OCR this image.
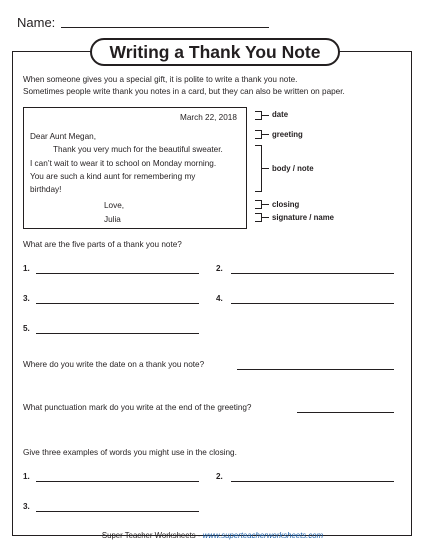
Name:
Writing a Thank You Note
When someone gives you a special gift, it is polite to write a thank you note.
Sometimes people write thank you notes in a card, but they can also be written on paper.
March 22, 2018
Dear Aunt Megan,
Thank you very much for the beautiful sweater.
I can’t wait to wear it to school on Monday morning.
You are such a kind aunt for remembering my
birthday!
Love,
Julia
date
greeting
body / note
closing
signature / name
What are the five parts of a thank you note?
1.	2.
3.	4.
5.
Where do you write the date on a thank you note?
What punctuation mark do you write at the end of the greeting?
Give three examples of words you might use in the closing.
1.	2.
3.
Super Teacher Worksheets - www.superteacherworksheets.com
